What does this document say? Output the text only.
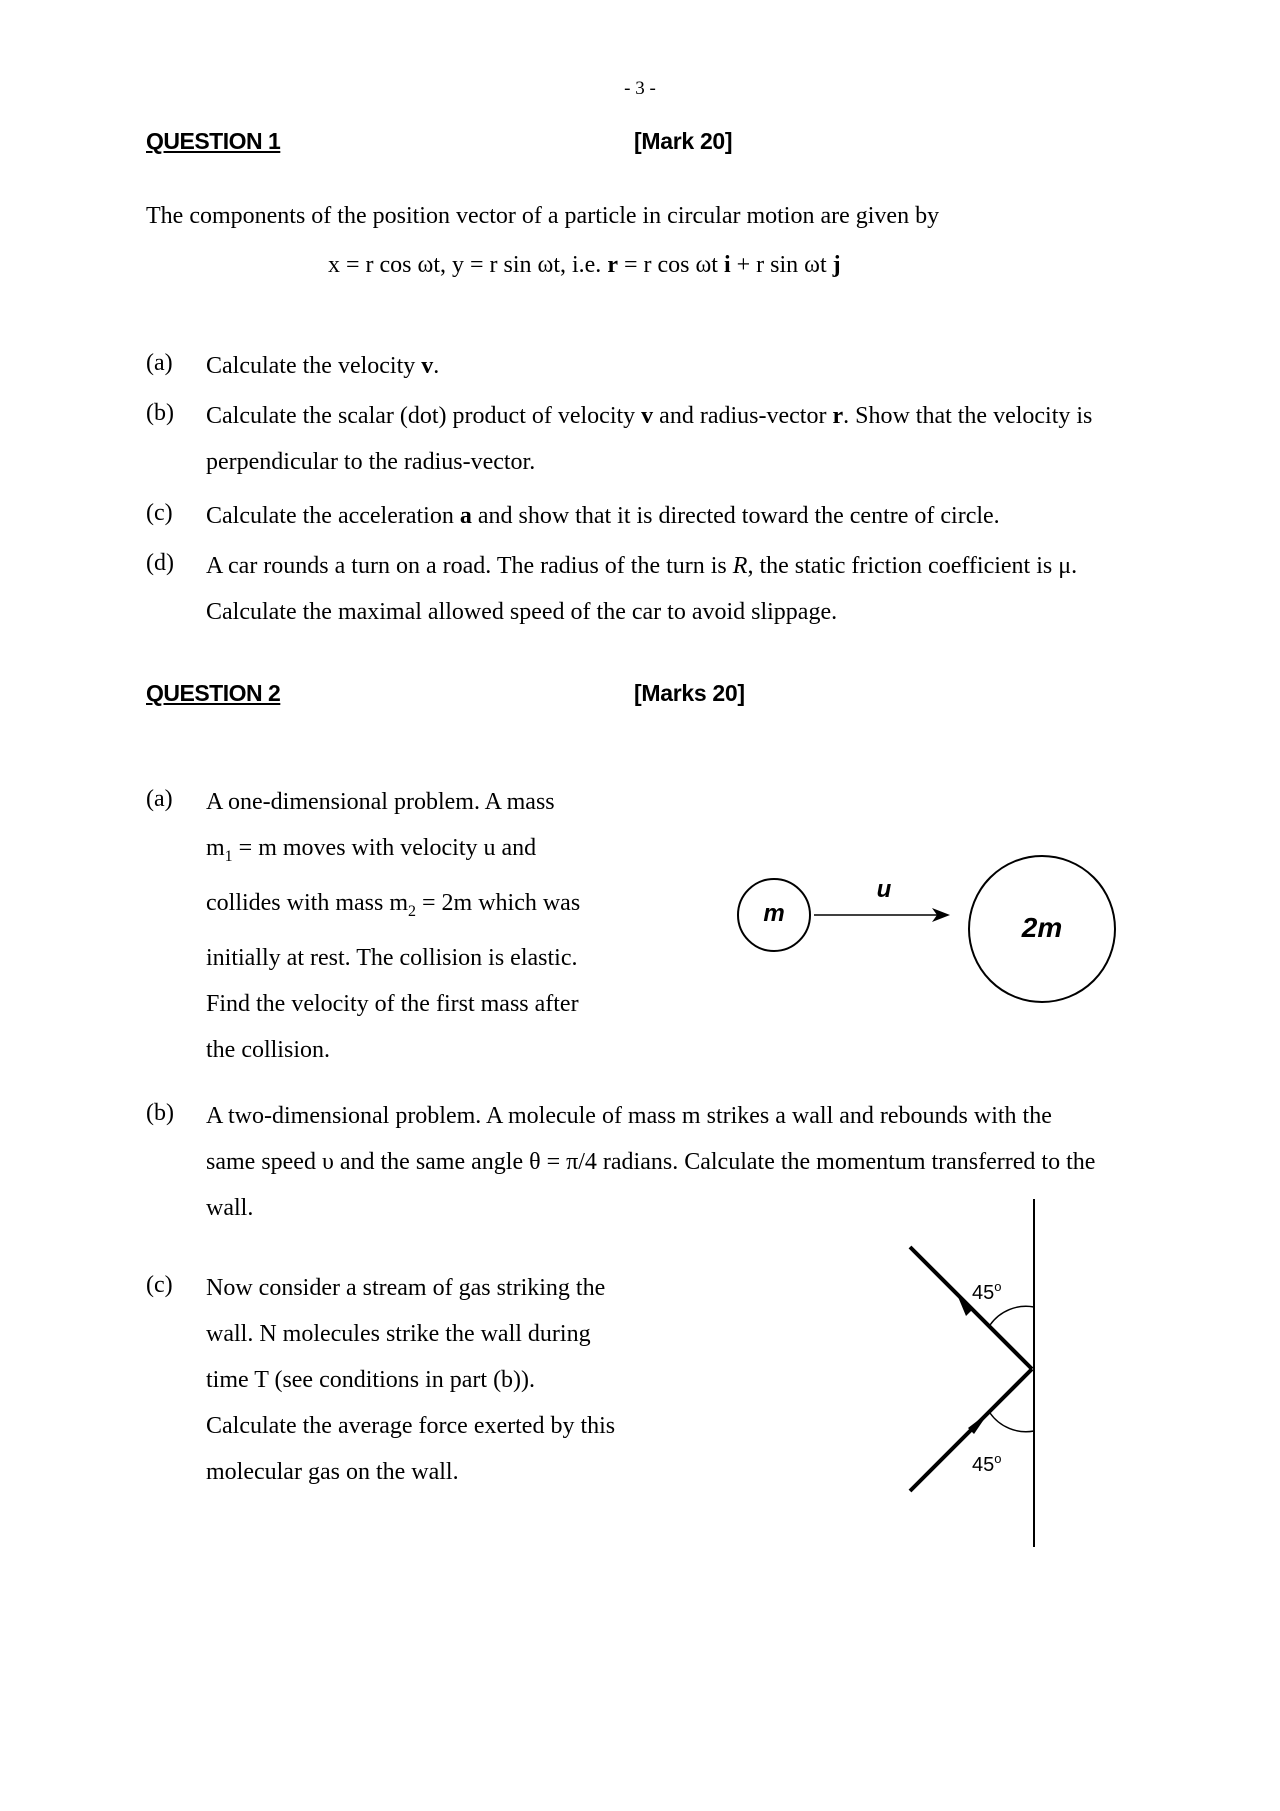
- 3 -
QUESTION 1	[Mark 20]
The components of the position vector of a particle in circular motion are given by
x = r cos ωt, y = r sin ωt, i.e. r = r cos ωt i + r sin ωt j
(a) Calculate the velocity v.
(b) Calculate the scalar (dot) product of velocity v and radius-vector r. Show that the velocity is
perpendicular to the radius-vector.
(c) Calculate the acceleration a and show that it is directed toward the centre of circle.
(d) A car rounds a turn on a road. The radius of the turn is R, the static friction coefficient is μ.
Calculate the maximal allowed speed of the car to avoid slippage.
QUESTION 2	[Marks 20]
(a) A one-dimensional problem. A mass
$m_1 = m$ moves with velocity u and
collides with mass $m_2 = 2m$ which was
initially at rest. The collision is elastic.
Find the velocity of the first mass after
the collision.
m
u
2m
(b) A two-dimensional problem. A molecule of mass m strikes a wall and rebounds with the
same speed υ and the same angle θ = π/4 radians. Calculate the momentum transferred to the
wall.
(c) Now consider a stream of gas striking the
wall. N molecules strike the wall during
time T (see conditions in part (b)).
Calculate the average force exerted by this
molecular gas on the wall.
45$^o$
45$^o$
